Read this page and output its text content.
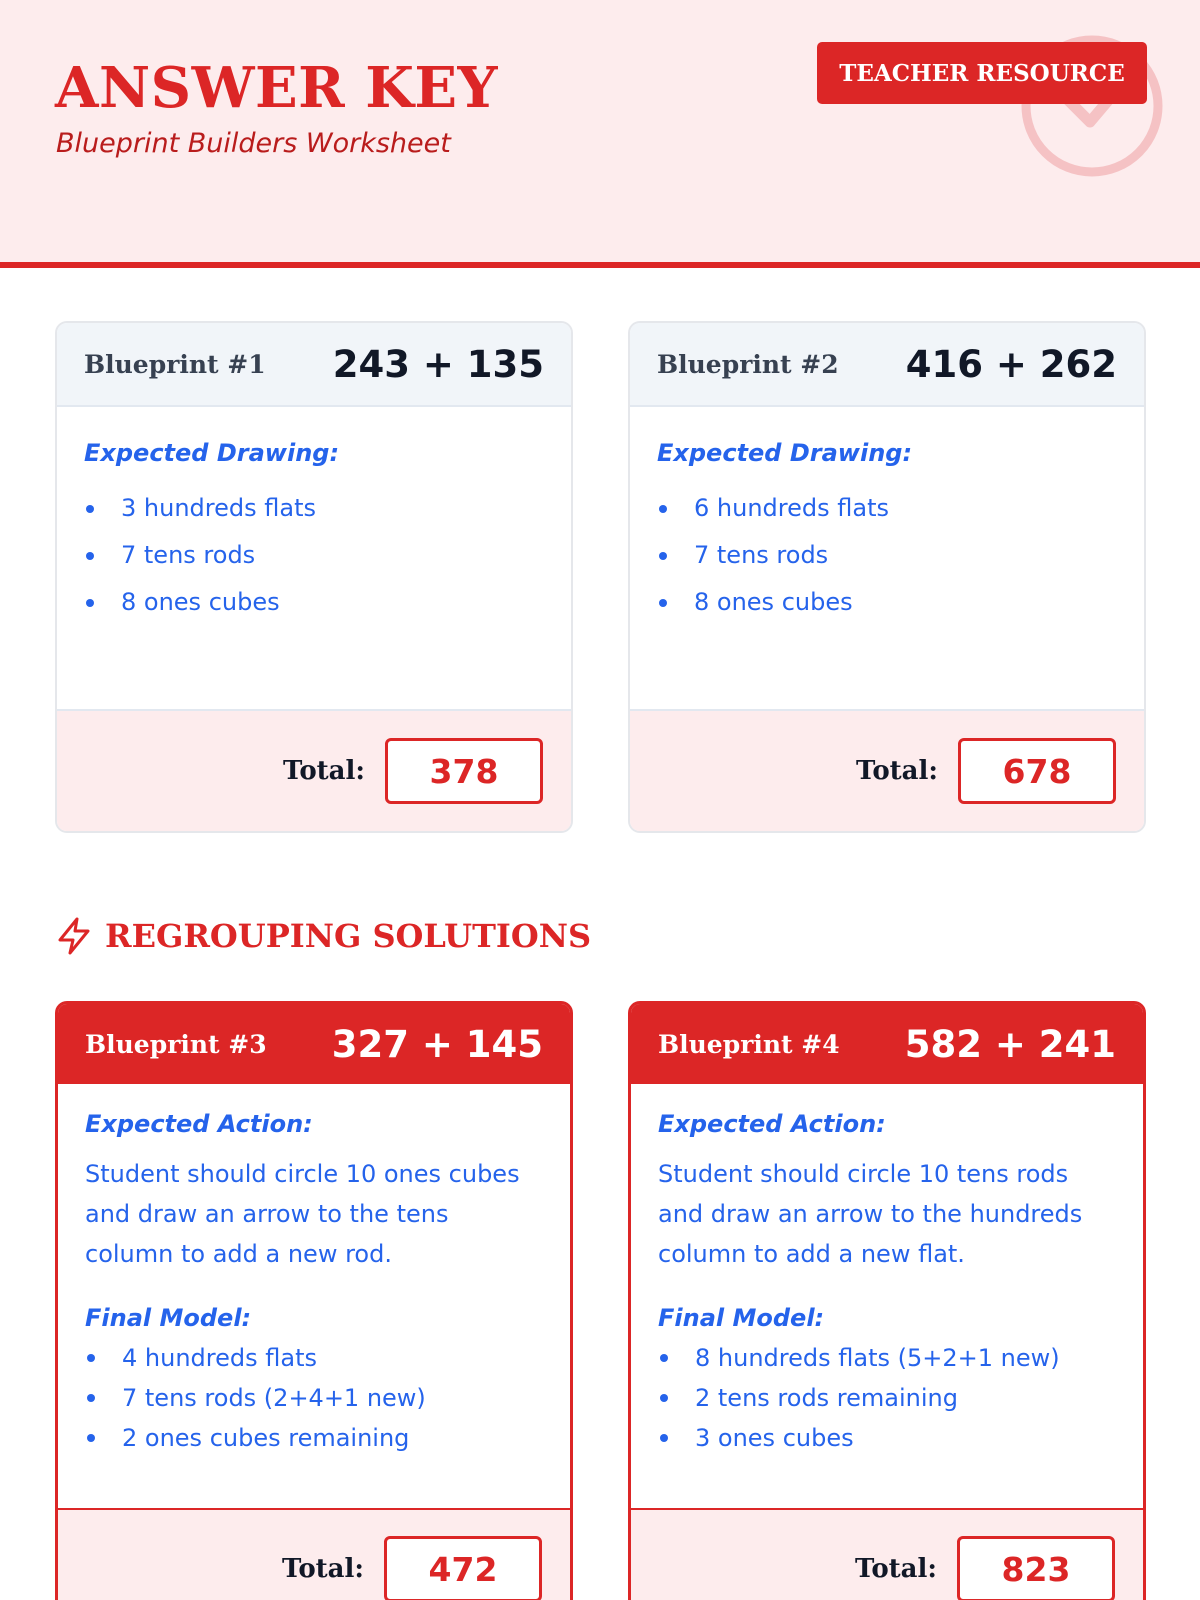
ANSWER KEY
Blueprint Builders Worksheet
TEACHER RESOURCE
Blueprint #1 243 + 135
Expected Drawing:
3 hundreds flats
7 tens rods
8 ones cubes
Total:	378
Blueprint #2 416 + 262
Expected Drawing:
6 hundreds flats
7 tens rods
8 ones cubes
Total:	678
REGROUPING SOLUTIONS
Blueprint #3 327 + 145
Expected Action:

Student should circle 10 ones cubes and draw an arrow to the tens column to add a new rod.

Final Model:
4 hundreds flats
7 tens rods (2+4+1 new)
2 ones cubes remaining
Total:	472
Blueprint #4 582 + 241
Expected Action:

Student should circle 10 tens rods and draw an arrow to the hundreds column to add a new flat.

Final Model:
8 hundreds flats (5+2+1 new)
2 tens rods remaining
3 ones cubes
Total:	823
